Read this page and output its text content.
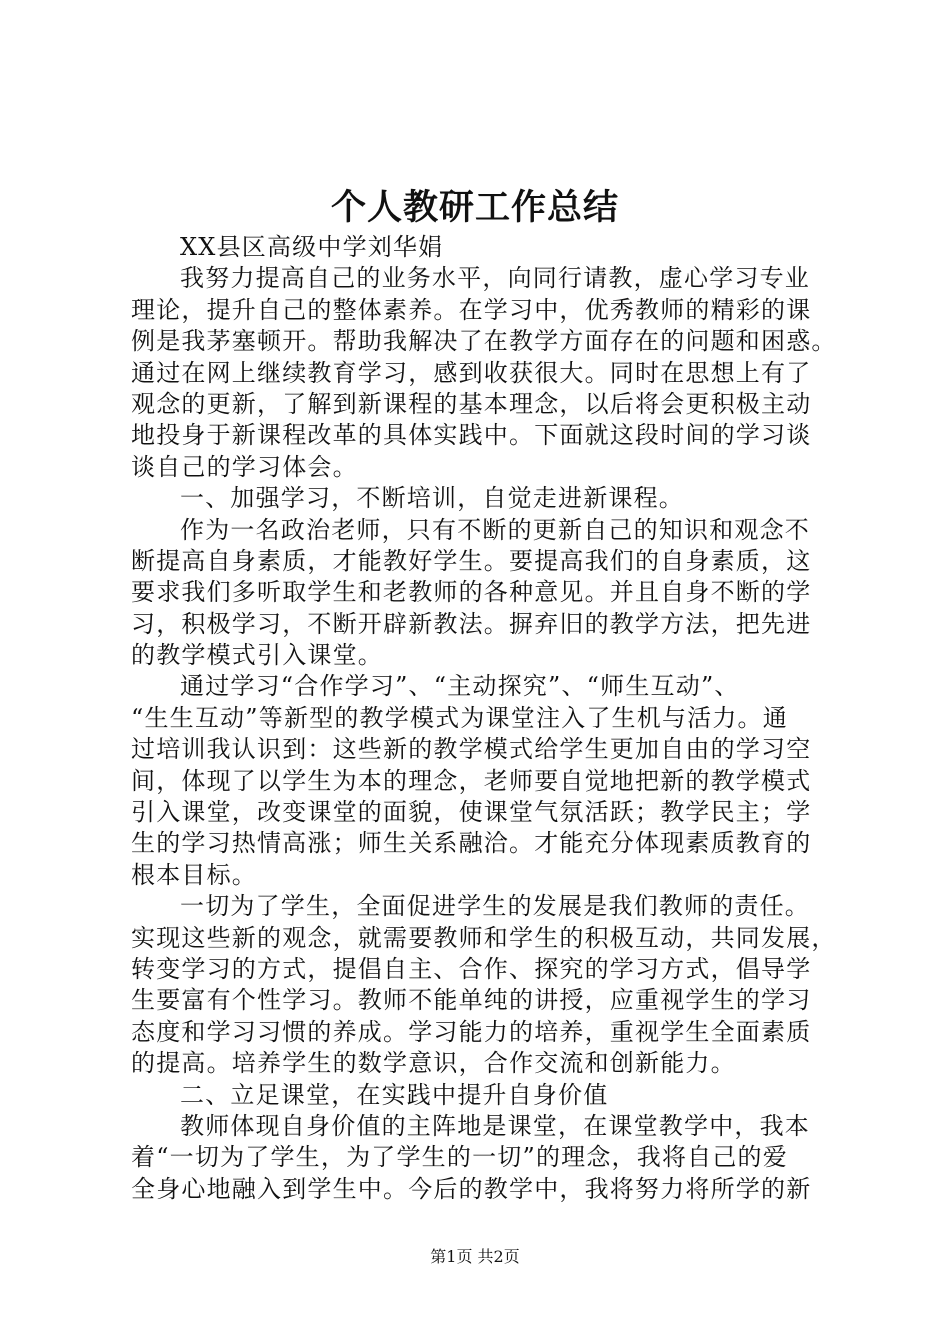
个人教研工作总结
XX县区高级中学刘华娟
我努力提高自己的业务水平，向同行请教，虚心学习专业
理论，提升自己的整体素养。在学习中，优秀教师的精彩的课
例是我茅塞顿开。帮助我解决了在教学方面存在的问题和困惑。
通过在网上继续教育学习，感到收获很大。同时在思想上有了
观念的更新，了解到新课程的基本理念，以后将会更积极主动
地投身于新课程改革的具体实践中。下面就这段时间的学习谈
谈自己的学习体会。
一、加强学习，不断培训，自觉走进新课程。
作为一名政治老师，只有不断的更新自己的知识和观念不
断提高自身素质，才能教好学生。要提高我们的自身素质，这
要求我们多听取学生和老教师的各种意见。并且自身不断的学
习，积极学习，不断开辟新教法。摒弃旧的教学方法，把先进
的教学模式引入课堂。
通过学习“合作学习”、“主动探究”、“师生互动”、
“生生互动”等新型的教学模式为课堂注入了生机与活力。通
过培训我认识到：这些新的教学模式给学生更加自由的学习空
间，体现了以学生为本的理念，老师要自觉地把新的教学模式
引入课堂，改变课堂的面貌，使课堂气氛活跃；教学民主；学
生的学习热情高涨；师生关系融洽。才能充分体现素质教育的
根本目标。
一切为了学生，全面促进学生的发展是我们教师的责任。
实现这些新的观念，就需要教师和学生的积极互动，共同发展，
转变学习的方式，提倡自主、合作、探究的学习方式，倡导学
生要富有个性学习。教师不能单纯的讲授，应重视学生的学习
态度和学习习惯的养成。学习能力的培养，重视学生全面素质
的提高。培养学生的数学意识，合作交流和创新能力。
二、立足课堂，在实践中提升自身价值
教师体现自身价值的主阵地是课堂，在课堂教学中，我本
着“一切为了学生，为了学生的一切”的理念，我将自己的爱
全身心地融入到学生中。今后的教学中，我将努力将所学的新
第1页 共2页
